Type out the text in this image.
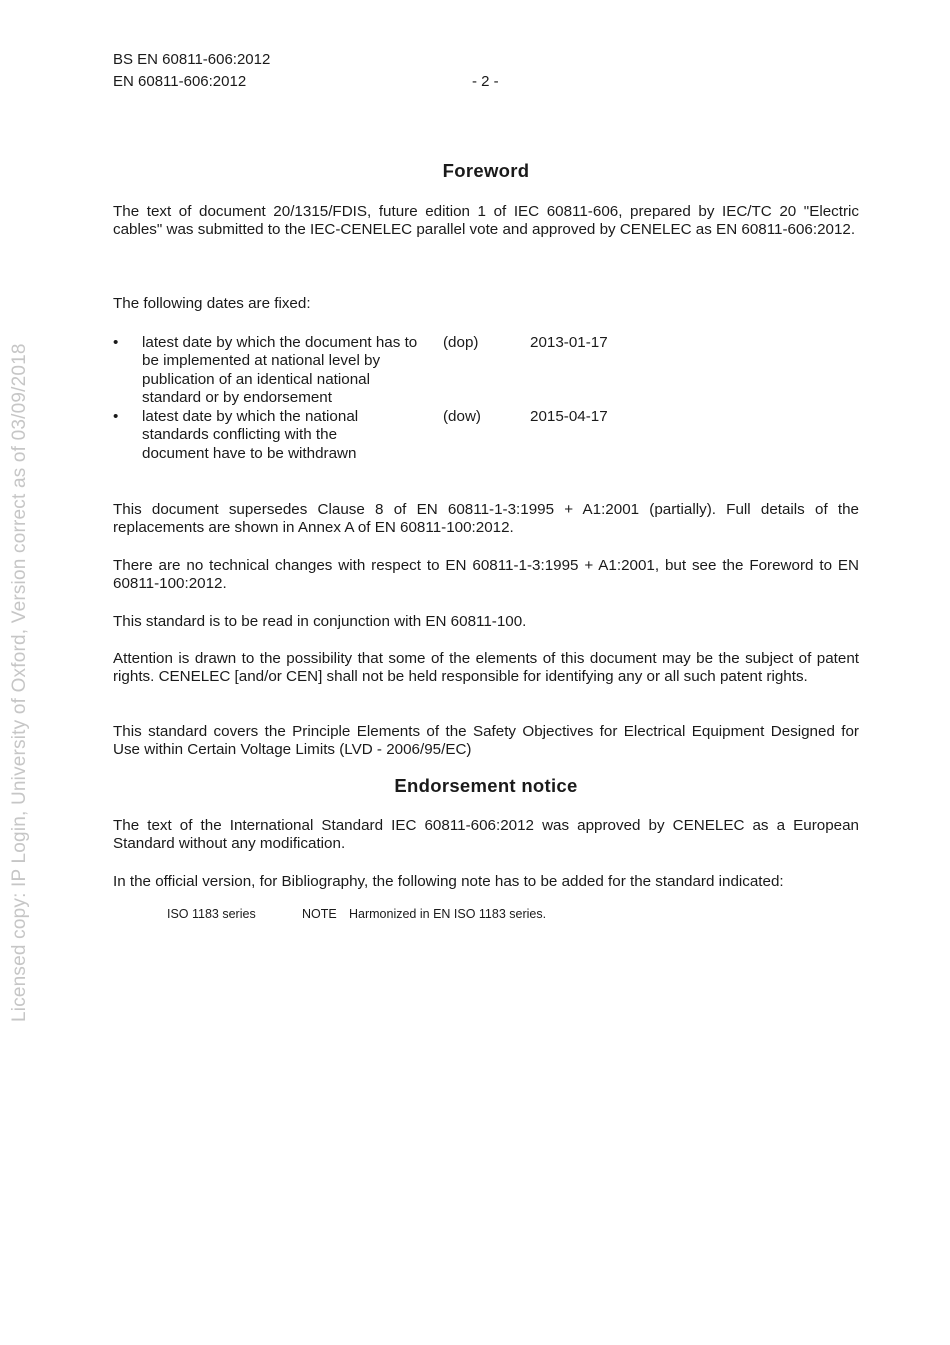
Licensed copy: IP Login, University of Oxford, Version correct as of 03/09/2018
BS EN 60811-606:2012
EN 60811-606:2012	- 2 -
Foreword
The text of document 20/1315/FDIS, future edition 1 of IEC 60811-606, prepared by IEC/TC 20 "Electric cables" was submitted to the IEC-CENELEC parallel vote and approved by CENELEC as EN 60811-606:2012.
The following dates are fixed:
•	latest date by which the document has to be implemented at national level by publication of an identical national standard or by endorsement
(dop)	2013-01-17
•	latest date by which the national standards conflicting with the document have to be withdrawn
(dow)	2015-04-17
This document supersedes Clause 8 of EN 60811-1-3:1995 + A1:2001 (partially). Full details of the replacements are shown in Annex A of EN 60811-100:2012.
There are no technical changes with respect to EN 60811-1-3:1995 + A1:2001, but see the Foreword to EN 60811-100:2012.
This standard is to be read in conjunction with EN 60811-100.
Attention is drawn to the possibility that some of the elements of this document may be the subject of patent rights. CENELEC [and/or CEN] shall not be held responsible for identifying any or all such patent rights.
This standard covers the Principle Elements of the Safety Objectives for Electrical Equipment Designed for Use within Certain Voltage Limits (LVD - 2006/95/EC)
Endorsement notice
The text of the International Standard IEC 60811-606:2012 was approved by CENELEC as a European Standard without any modification.
In the official version, for Bibliography, the following note has to be added for the standard indicated:
ISO 1183 series	NOTE Harmonized in EN ISO 1183 series.
